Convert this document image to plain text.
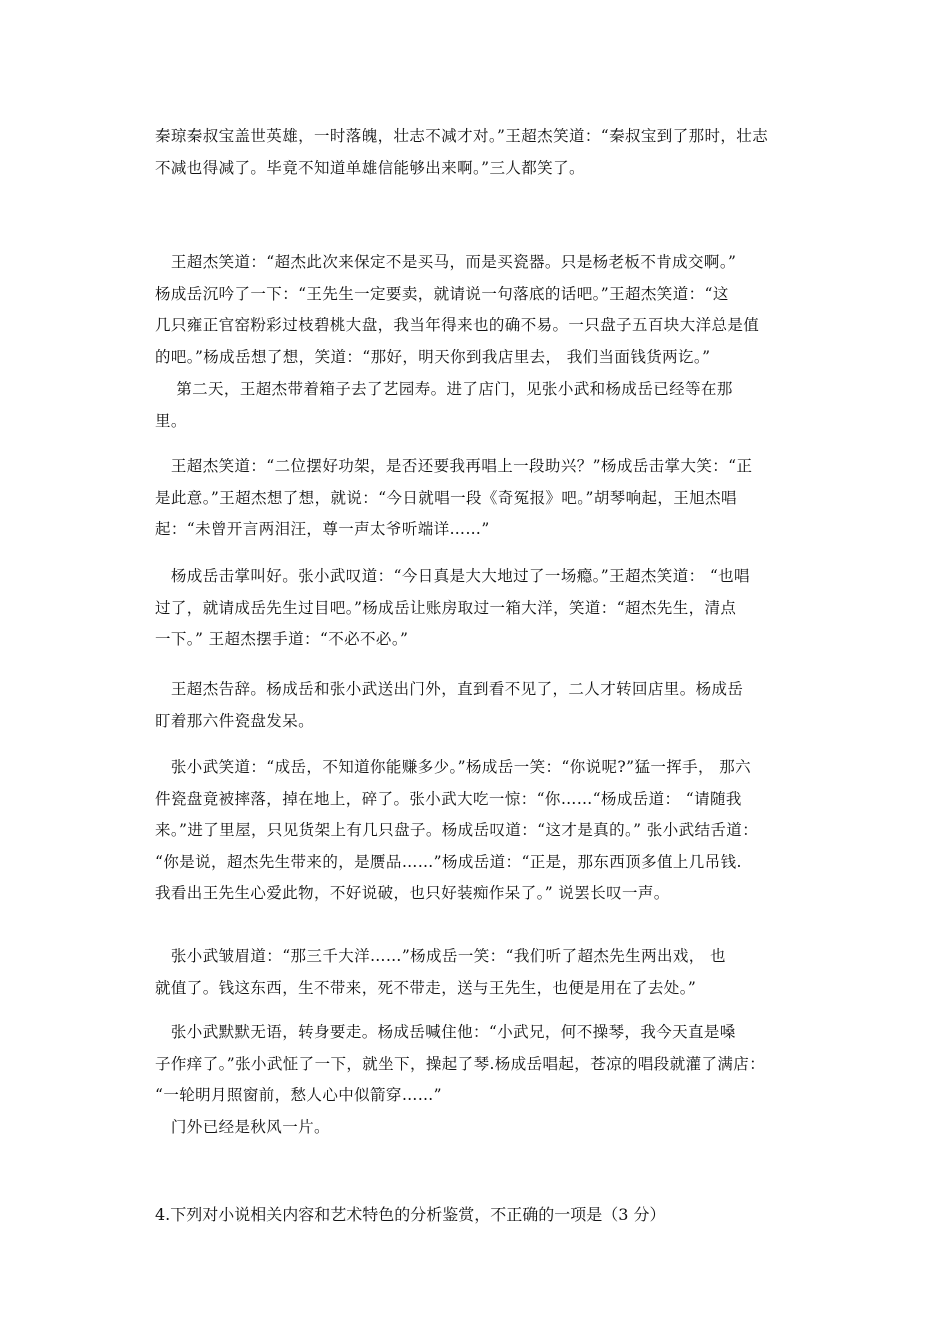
秦琼秦叔宝盖世英雄，一时落魄，壮志不减才对。”王超杰笑道：“秦叔宝到了那时，壮志
不减也得减了。毕竟不知道单雄信能够出来啊。”三人都笑了。
　王超杰笑道：“超杰此次来保定不是买马，而是买瓷器。只是杨老板不肯成交啊。”
杨成岳沉吟了一下：“王先生一定要卖，就请说一句落底的话吧。”王超杰笑道：“这
几只雍正官窑粉彩过枝碧桃大盘，我当年得来也的确不易。一只盘子五百块大洋总是值
的吧。”杨成岳想了想，笑道：“那好，明天你到我店里去， 我们当面钱货两讫。”
　 第二天，王超杰带着箱子去了艺园寿。进了店门，见张小武和杨成岳已经等在那
里。
　王超杰笑道：“二位摆好功架，是否还要我再唱上一段助兴？”杨成岳击掌大笑：“正
是此意。”王超杰想了想，就说：“今日就唱一段《奇冤报》吧。”胡琴响起，王旭杰唱
起：“未曾开言两泪汪，尊一声太爷听端详……”
　杨成岳击掌叫好。张小武叹道：“今日真是大大地过了一场瘾。”王超杰笑道： “也唱
过了，就请成岳先生过目吧。”杨成岳让账房取过一箱大洋，笑道：“超杰先生，清点
一下。” 王超杰摆手道：“不必不必。”
　王超杰告辞。杨成岳和张小武送出门外，直到看不见了，二人才转回店里。杨成岳
盯着那六件瓷盘发呆。
　张小武笑道：“成岳，不知道你能赚多少。”杨成岳一笑：“你说呢?”猛一挥手， 那六
件瓷盘竟被摔落，掉在地上，碎了。张小武大吃一惊：“你……“杨成岳道： “请随我
来。”进了里屋，只见货架上有几只盘子。杨成岳叹道：“这才是真的。” 张小武结舌道：
“你是说，超杰先生带来的，是赝品……”杨成岳道：“正是，那东西顶多值上几吊钱.
我看出王先生心爱此物，不好说破，也只好装痴作呆了。” 说罢长叹一声。
　张小武皱眉道：“那三千大洋……”杨成岳一笑：“我们听了超杰先生两出戏， 也
就值了。钱这东西，生不带来，死不带走，送与王先生，也便是用在了去处。”
　张小武默默无语，转身要走。杨成岳喊住他：“小武兄，何不操琴，我今天直是嗓
子作痒了。”张小武怔了一下，就坐下，操起了琴.杨成岳唱起，苍凉的唱段就灌了满店：
“一轮明月照窗前，愁人心中似箭穿……”
　门外已经是秋风一片。

4.下列对小说相关内容和艺术特色的分析鉴赏，不正确的一项是（3 分）
